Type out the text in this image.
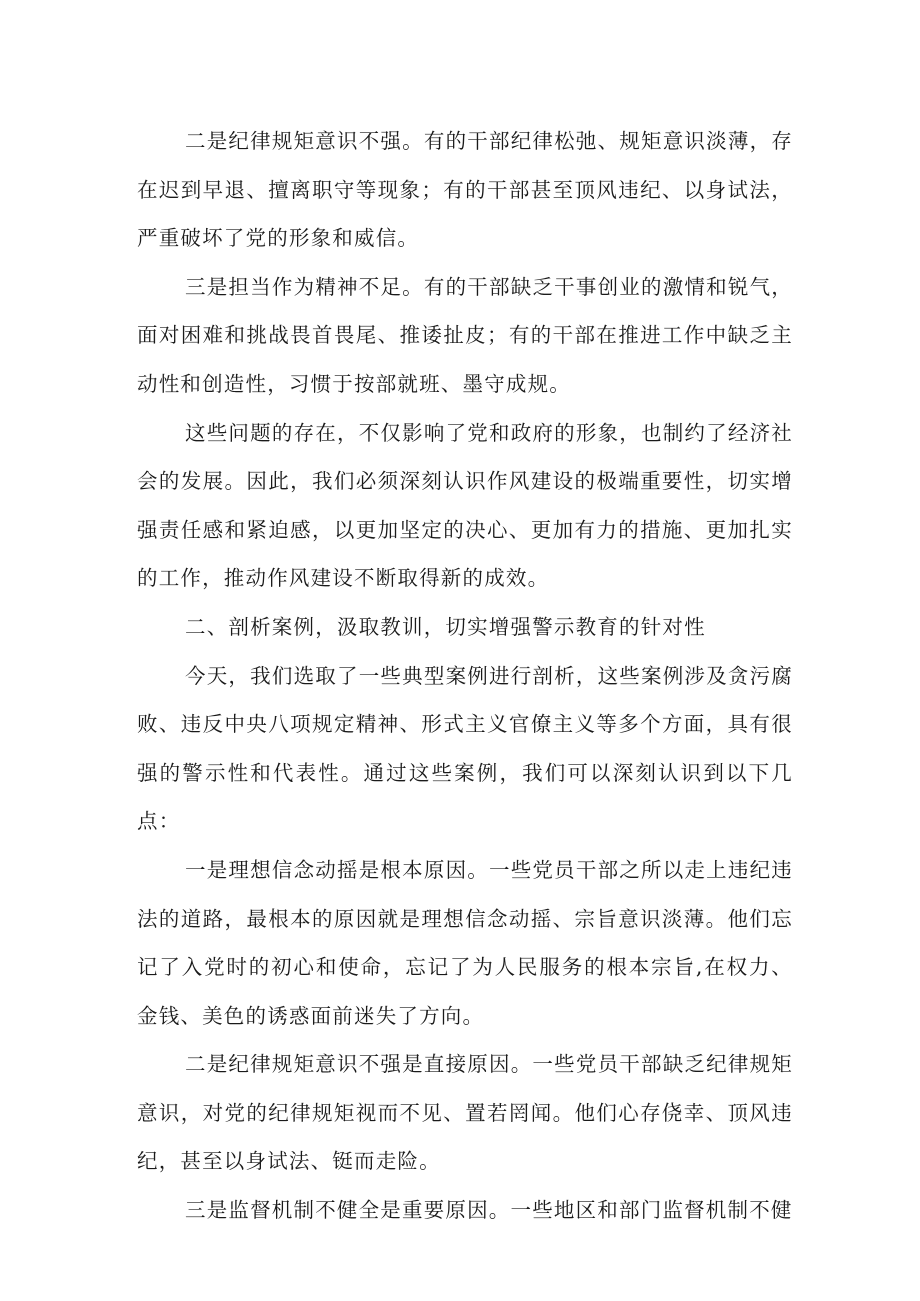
二是纪律规矩意识不强。有的干部纪律松弛、规矩意识淡薄，存在迟到早退、擅离职守等现象；有的干部甚至顶风违纪、以身试法，严重破坏了党的形象和威信。

三是担当作为精神不足。有的干部缺乏干事创业的激情和锐气，面对困难和挑战畏首畏尾、推诿扯皮；有的干部在推进工作中缺乏主动性和创造性，习惯于按部就班、墨守成规。

这些问题的存在，不仅影响了党和政府的形象，也制约了经济社会的发展。因此，我们必须深刻认识作风建设的极端重要性，切实增强责任感和紧迫感，以更加坚定的决心、更加有力的措施、更加扎实的工作，推动作风建设不断取得新的成效。

二、剖析案例，汲取教训，切实增强警示教育的针对性

今天，我们选取了一些典型案例进行剖析，这些案例涉及贪污腐败、违反中央八项规定精神、形式主义官僚主义等多个方面，具有很强的警示性和代表性。通过这些案例，我们可以深刻认识到以下几点：

一是理想信念动摇是根本原因。一些党员干部之所以走上违纪违法的道路，最根本的原因就是理想信念动摇、宗旨意识淡薄。他们忘记了入党时的初心和使命，忘记了为人民服务的根本宗旨,在权力、金钱、美色的诱惑面前迷失了方向。

二是纪律规矩意识不强是直接原因。一些党员干部缺乏纪律规矩意识，对党的纪律规矩视而不见、置若罔闻。他们心存侥幸、顶风违纪，甚至以身试法、铤而走险。

三是监督机制不健全是重要原因。一些地区和部门监督机制不健
